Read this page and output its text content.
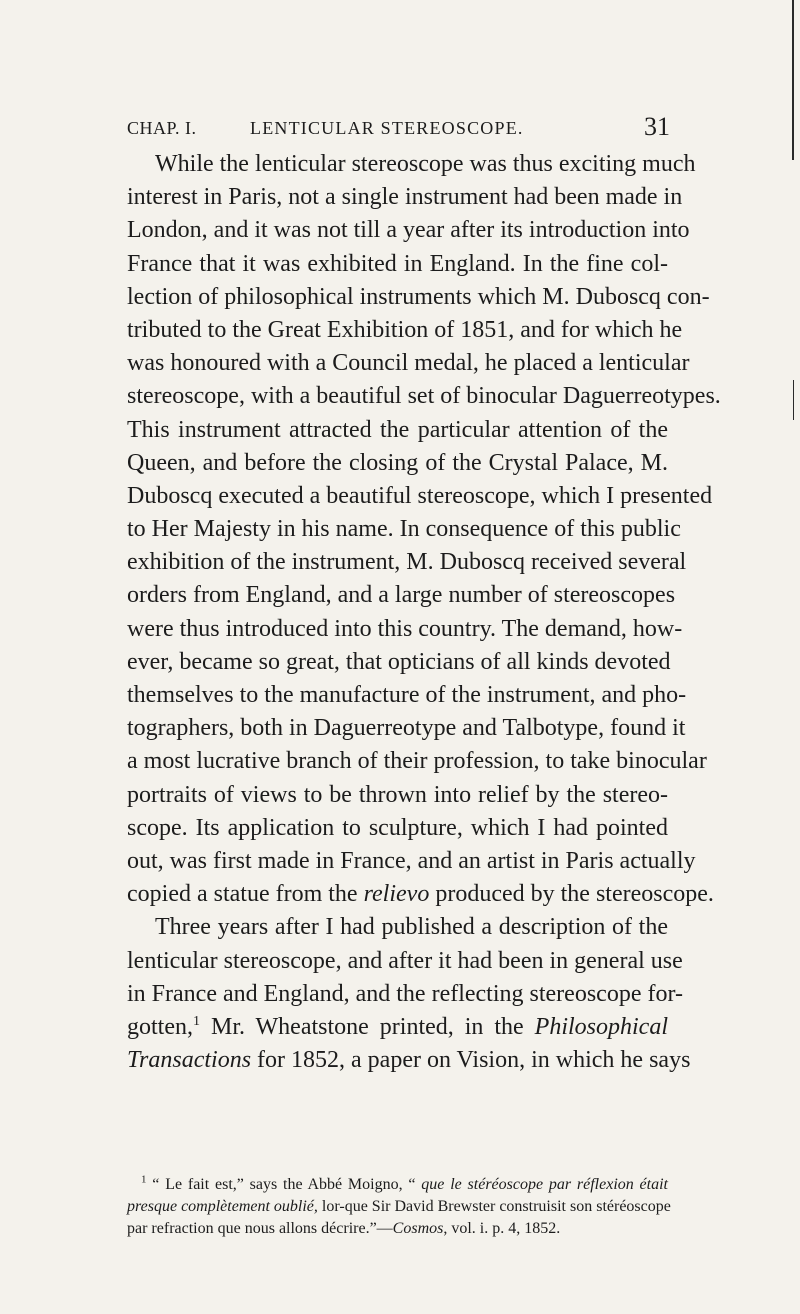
CHAP. I.	LENTICULAR STEREOSCOPE.	31
While the lenticular stereoscope was thus exciting much
interest in Paris, not a single instrument had been made in
London, and it was not till a year after its introduction into
France that it was exhibited in England. In the fine col-
lection of philosophical instruments which M. Duboscq con-
tributed to the Great Exhibition of 1851, and for which he
was honoured with a Council medal, he placed a lenticular
stereoscope, with a beautiful set of binocular Daguerreotypes.
This instrument attracted the particular attention of the
Queen, and before the closing of the Crystal Palace, M.
Duboscq executed a beautiful stereoscope, which I presented
to Her Majesty in his name. In consequence of this public
exhibition of the instrument, M. Duboscq received several
orders from England, and a large number of stereoscopes
were thus introduced into this country. The demand, how-
ever, became so great, that opticians of all kinds devoted
themselves to the manufacture of the instrument, and pho-
tographers, both in Daguerreotype and Talbotype, found it
a most lucrative branch of their profession, to take binocular
portraits of views to be thrown into relief by the stereo-
scope. Its application to sculpture, which I had pointed
out, was first made in France, and an artist in Paris actually
copied a statue from the relievo produced by the stereoscope.
Three years after I had published a description of the
lenticular stereoscope, and after it had been in general use
in France and England, and the reflecting stereoscope for-
gotten,$^1$ Mr. Wheatstone printed, in the Philosophical
Transactions for 1852, a paper on Vision, in which he says
$^1$ “ Le fait est,” says the Abbé Moigno, “ que le stéréoscope par réflexion était
presque complètement oublié, lor-que Sir David Brewster construisit son stéréoscope
par refraction que nous allons décrire.”—Cosmos, vol. i. p. 4, 1852.
